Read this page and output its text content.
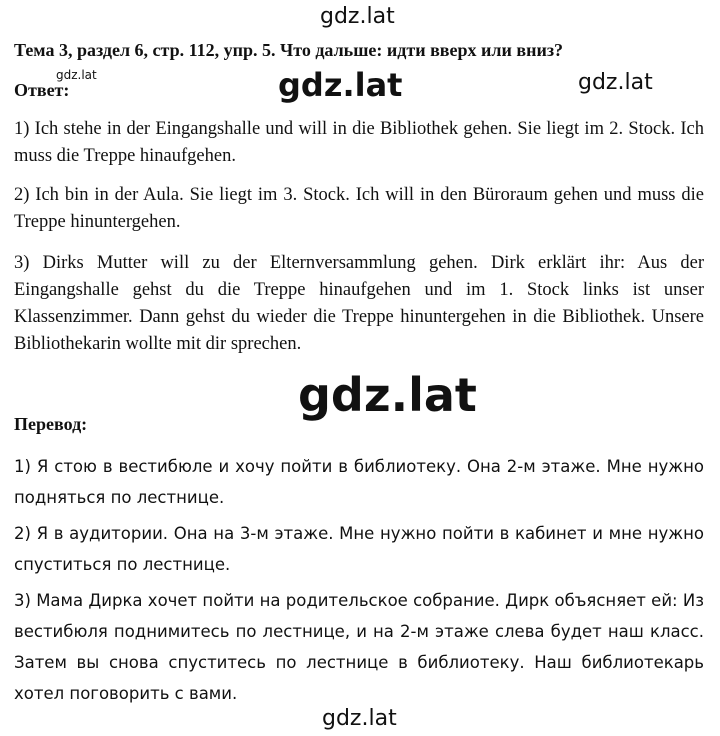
gdz.lat
Тема 3, раздел 6, стр. 112, упр. 5. Что дальше: идти вверх или вниз?
Ответ:
gdz.lat	gdz.lat	gdz.lat
1) Ich stehe in der Eingangshalle und will in die Bibliothek gehen. Sie liegt im 2. Stock. Ich muss die Treppe hinaufgehen.
2) Ich bin in der Aula. Sie liegt im 3. Stock. Ich will in den Büroraum gehen und muss die Treppe hinuntergehen.
3) Dirks Mutter will zu der Elternversammlung gehen. Dirk erklärt ihr: Aus der Eingangshalle gehst du die Treppe hinaufgehen und im 1. Stock links ist unser Klassenzimmer. Dann gehst du wieder die Treppe hinuntergehen in die Bibliothek. Unsere Bibliothekarin wollte mit dir sprechen.
gdz.lat
Перевод:
1) Я стою в вестибюле и хочу пойти в библиотеку. Она 2-м этаже. Мне нужно подняться по лестнице.
2) Я в аудитории. Она на 3-м этаже. Мне нужно пойти в кабинет и мне нужно спуститься по лестнице.
3) Мама Дирка хочет пойти на родительское собрание. Дирк объясняет ей: Из вестибюля поднимитесь по лестнице, и на 2-м этаже слева будет наш класс. Затем вы снова спуститесь по лестнице в библиотеку. Наш библиотекарь хотел поговорить с вами.
gdz.lat
